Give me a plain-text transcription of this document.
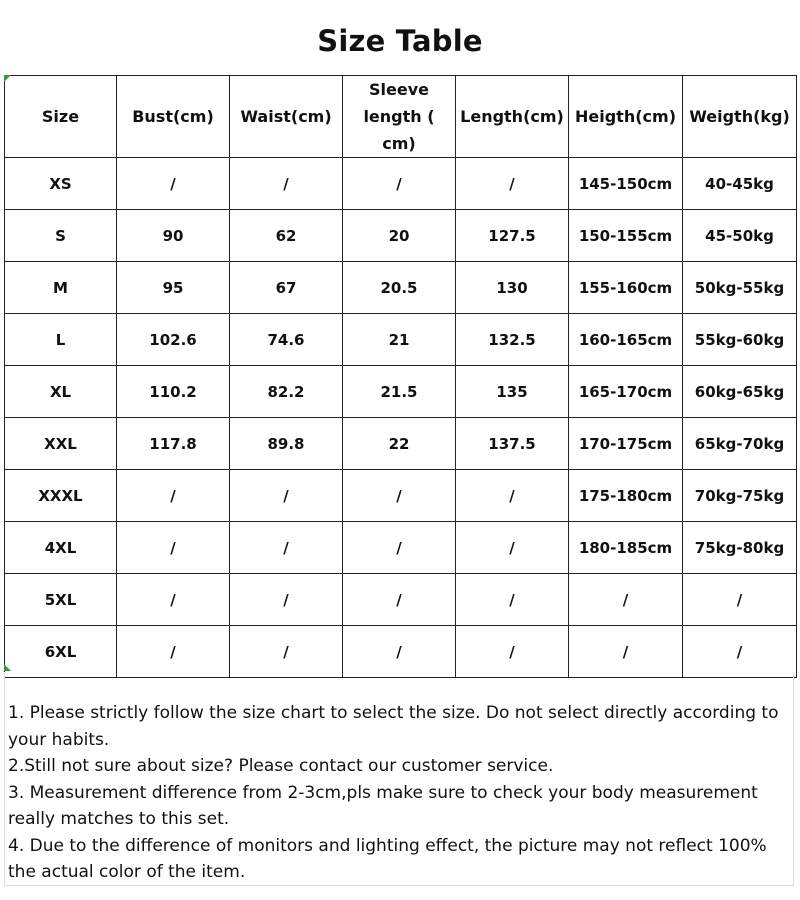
Size Table
Size	Bust(cm)	Waist(cm)	Sleeve length ( cm)	Length(cm)	Heigth(cm)	Weigth(kg)
XS	/	/	/	/	145-150cm	40-45kg
S	90	62	20	127.5	150-155cm	45-50kg
M	95	67	20.5	130	155-160cm	50kg-55kg
L	102.6	74.6	21	132.5	160-165cm	55kg-60kg
XL	110.2	82.2	21.5	135	165-170cm	60kg-65kg
XXL	117.8	89.8	22	137.5	170-175cm	65kg-70kg
XXXL	/	/	/	/	175-180cm	70kg-75kg
4XL	/	/	/	/	180-185cm	75kg-80kg
5XL	/	/	/	/	/	/
6XL	/	/	/	/	/	/

1. Please strictly follow the size chart to select the size. Do not select directly according to your habits.

2.Still not sure about size? Please contact our customer service.

3. Measurement difference from 2-3cm,pls make sure to check your body measurement really matches to this set.

4. Due to the difference of monitors and lighting effect, the picture may not reflect 100% the actual color of the item.
